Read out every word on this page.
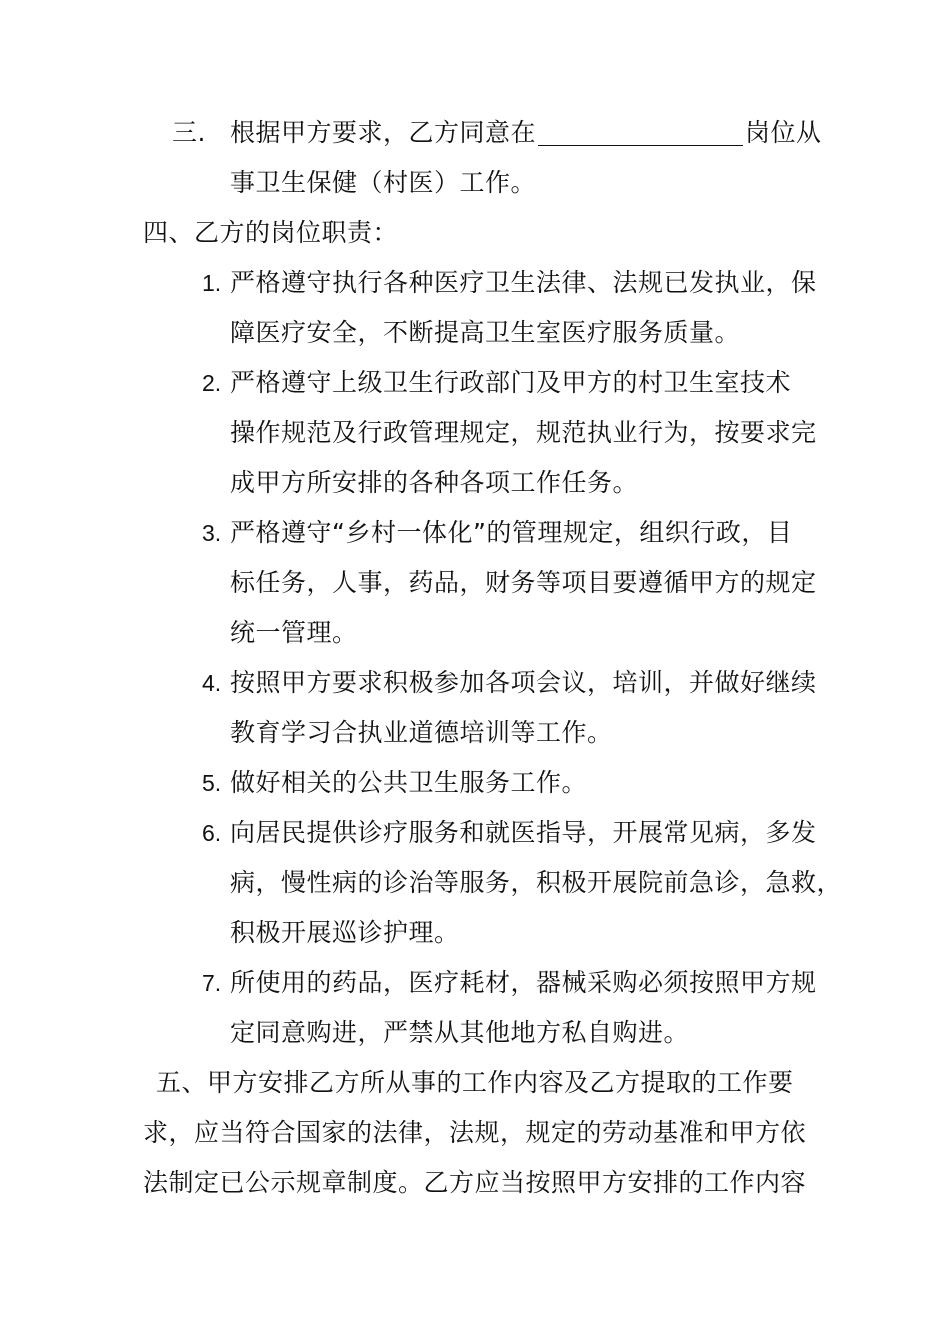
三. 根据甲方要求，乙方同意在	岗位从
事卫生保健（村医）工作。
四、乙方的岗位职责：
1. 严格遵守执行各种医疗卫生法律、法规已发执业，保
障医疗安全，不断提高卫生室医疗服务质量。
2. 严格遵守上级卫生行政部门及甲方的村卫生室技术
操作规范及行政管理规定，规范执业行为，按要求完
成甲方所安排的各种各项工作任务。
3. 严格遵守“乡村一体化”的管理规定，组织行政，目
标任务，人事，药品，财务等项目要遵循甲方的规定
统一管理。
4. 按照甲方要求积极参加各项会议，培训，并做好继续
教育学习合执业道德培训等工作。
5. 做好相关的公共卫生服务工作。
6. 向居民提供诊疗服务和就医指导，开展常见病，多发
病，慢性病的诊治等服务，积极开展院前急诊，急救，
积极开展巡诊护理。
7. 所使用的药品，医疗耗材，器械采购必须按照甲方规
定同意购进，严禁从其他地方私自购进。
五、甲方安排乙方所从事的工作内容及乙方提取的工作要
求，应当符合国家的法律，法规，规定的劳动基准和甲方依
法制定已公示规章制度。乙方应当按照甲方安排的工作内容
